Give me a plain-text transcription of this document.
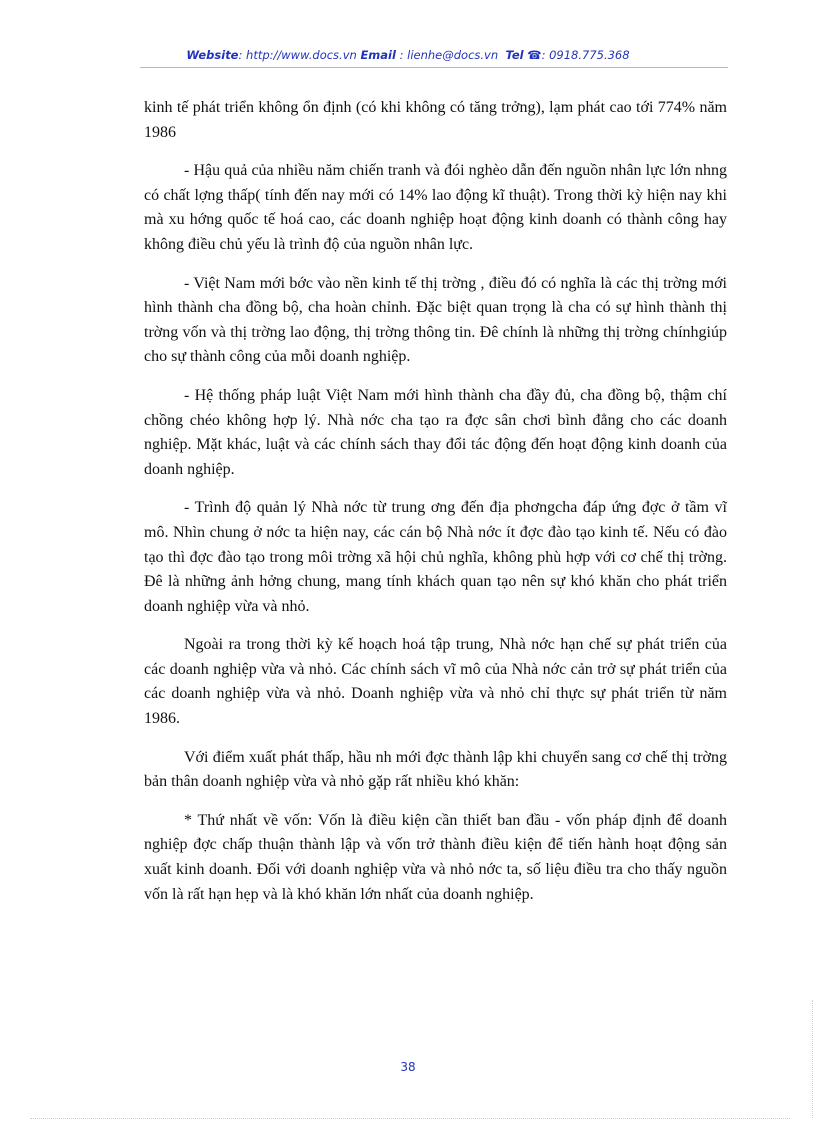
Website: http://www.docs.vn Email : lienhe@docs.vn Tel ☎: 0918.775.368

kinh tế phát triển không ổn định (có khi không có tăng trởng), lạm phát cao tới 774% năm 1986

- Hậu quả của nhiều năm chiến tranh và đói nghèo dẫn đến nguồn nhân lực lớn nhng có chất lợng thấp( tính đến nay mới có 14% lao động kĩ thuật). Trong thời kỳ hiện nay khi mà xu hớng quốc tế hoá cao, các doanh nghiệp hoạt động kinh doanh có thành công hay không điều chủ yếu là trình độ của nguồn nhân lực.

- Việt Nam mới bớc vào nền kinh tế thị trờng , điều đó có nghĩa là các thị trờng mới hình thành cha đồng bộ, cha hoàn chỉnh. Đặc biệt quan trọng là cha có sự hình thành thị trờng vốn và thị trờng lao động, thị trờng thông tin. Đê chính là những thị trờng chínhgiúp cho sự thành công của mỗi doanh nghiệp.

- Hệ thống pháp luật Việt Nam mới hình thành cha đầy đủ, cha đồng bộ, thậm chí chồng chéo không hợp lý. Nhà nớc cha tạo ra đợc sân chơi bình đẳng cho các doanh nghiệp. Mặt khác, luật và các chính sách thay đổi tác động đến hoạt động kinh doanh của doanh nghiệp.

- Trình độ quản lý Nhà nớc từ trung ơng đến địa phơngcha đáp ứng đợc ở tầm vĩ mô. Nhìn chung ở nớc ta hiện nay, các cán bộ Nhà nớc ít đợc đào tạo kinh tế. Nếu có đào tạo thì đợc đào tạo trong môi trờng xã hội chủ nghĩa, không phù hợp với cơ chế thị trờng. Đê là những ảnh hởng chung, mang tính khách quan tạo nên sự khó khăn cho phát triển doanh nghiệp vừa và nhỏ.

Ngoài ra trong thời kỳ kế hoạch hoá tập trung, Nhà nớc hạn chế sự phát triển của các doanh nghiệp vừa và nhỏ. Các chính sách vĩ mô của Nhà nớc cản trở sự phát triển của các doanh nghiệp vừa và nhỏ. Doanh nghiệp vừa và nhỏ chỉ thực sự phát triển từ năm 1986.

Với điểm xuất phát thấp, hầu nh mới đợc thành lập khi chuyển sang cơ chế thị trờng bản thân doanh nghiệp vừa và nhỏ gặp rất nhiều khó khăn:

* Thứ nhất về vốn: Vốn là điều kiện cần thiết ban đầu - vốn pháp định để doanh nghiệp đợc chấp thuận thành lập và vốn trở thành điều kiện để tiến hành hoạt động sản xuất kinh doanh. Đối với doanh nghiệp vừa và nhỏ nớc ta, số liệu điều tra cho thấy nguồn vốn là rất hạn hẹp và là khó khăn lớn nhất của doanh nghiệp.

38
